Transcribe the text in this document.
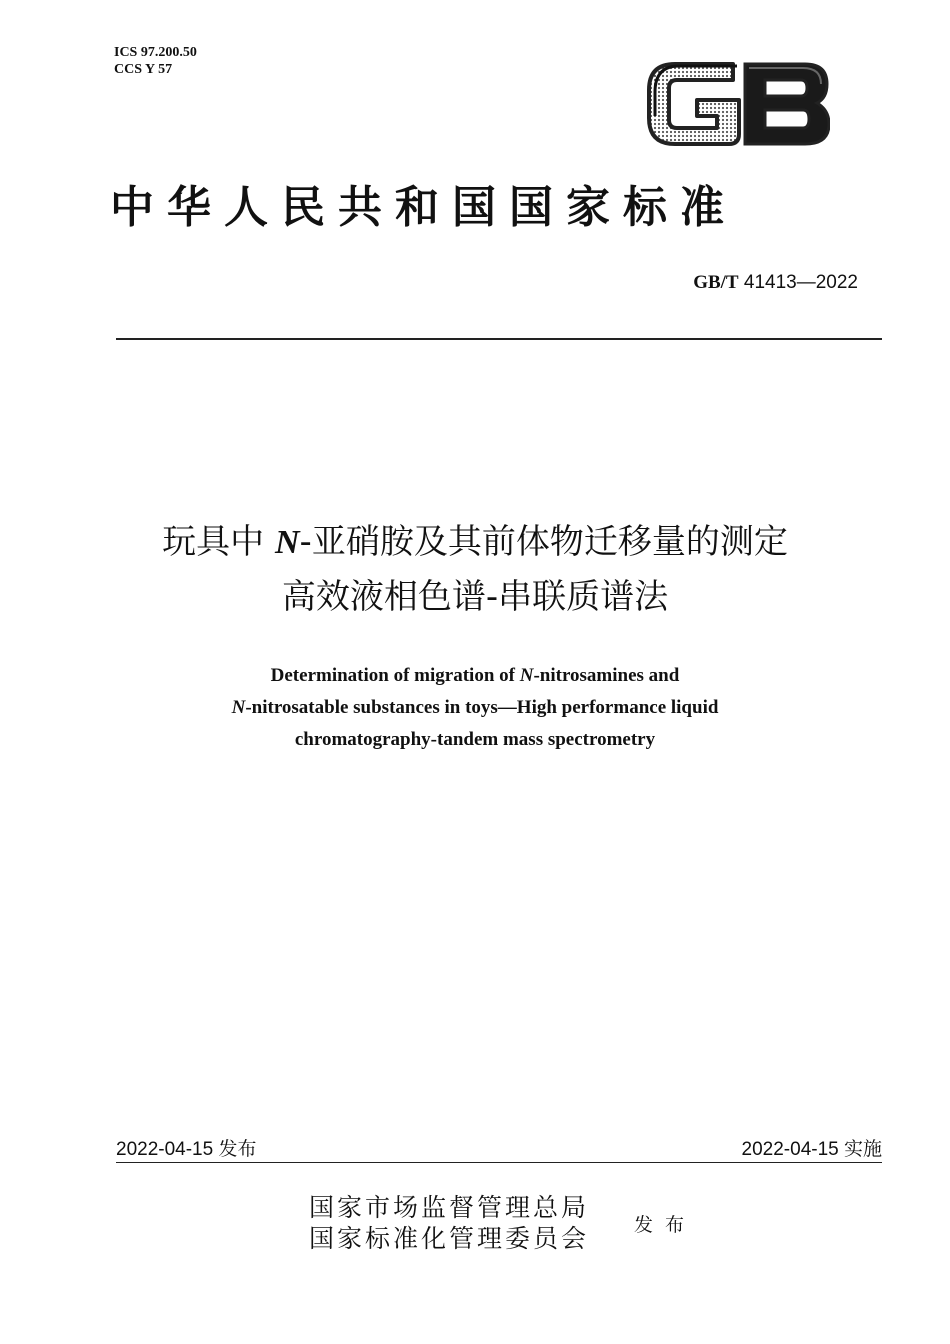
ICS 97.200.50
CCS Y 57
中华人民共和国国家标准
GB/T 41413—2022
玩具中 N-亚硝胺及其前体物迁移量的测定
高效液相色谱-串联质谱法
Determination of migration of N-nitrosamines and
N-nitrosatable substances in toys—High performance liquid
chromatography-tandem mass spectrometry
2022-04-15 发布	2022-04-15 实施
国家市场监督管理总局
国家标准化管理委员会 发布
